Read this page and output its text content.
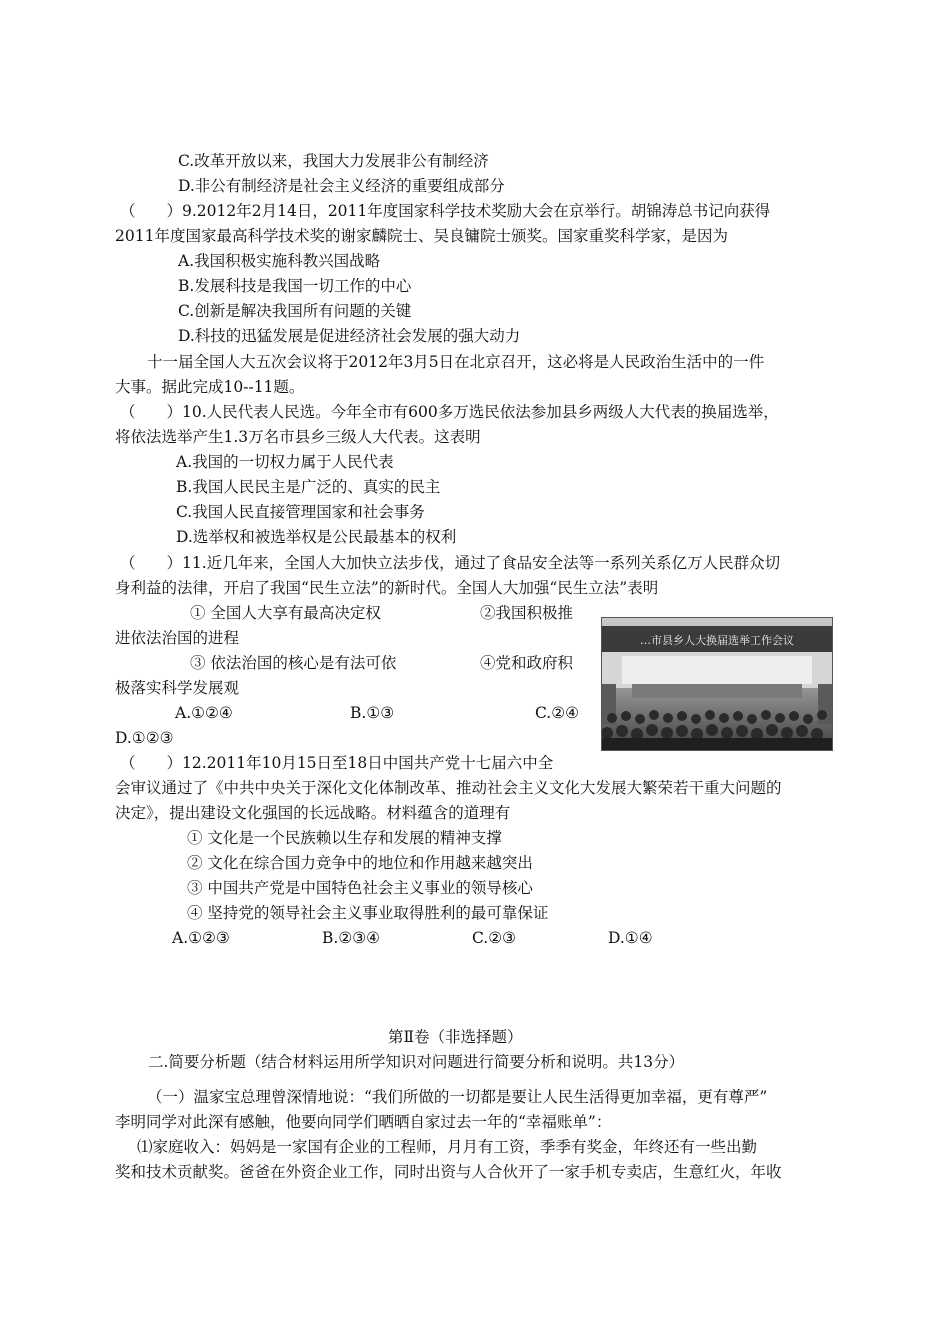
C.改革开放以来，我国大力发展非公有制经济
D.非公有制经济是社会主义经济的重要组成部分
（　　）9.2012年2月14日，2011年度国家科学技术奖励大会在京举行。胡锦涛总书记向获得
2011年度国家最高科学技术奖的谢家麟院士、吴良镛院士颁奖。国家重奖科学家，是因为
A.我国积极实施科教兴国战略
B.发展科技是我国一切工作的中心
C.创新是解决我国所有问题的关键
D.科技的迅猛发展是促进经济社会发展的强大动力
十一届全国人大五次会议将于2012年3月5日在北京召开，这必将是人民政治生活中的一件
大事。据此完成10--11题。
（　　）10.人民代表人民选。今年全市有600多万选民依法参加县乡两级人大代表的换届选举，
将依法选举产生1.3万名市县乡三级人大代表。这表明
A.我国的一切权力属于人民代表
B.我国人民民主是广泛的、真实的民主
C.我国人民直接管理国家和社会事务
D.选举权和被选举权是公民最基本的权利
（　　）11.近几年来，全国人大加快立法步伐，通过了食品安全法等一系列关系亿万人民群众切
身利益的法律，开启了我国“民生立法”的新时代。全国人大加强“民生立法”表明
① 全国人大享有最高决定权	②我国积极推
进依法治国的进程
③ 依法治国的核心是有法可依	④党和政府积
极落实科学发展观
A.①②④	B.①③	C.②④
D.①②③
…市县乡人大换届选举工作会议
（　　）12.2011年10月15日至18日中国共产党十七届六中全
会审议通过了《中共中央关于深化文化体制改革、推动社会主义文化大发展大繁荣若干重大问题的
决定》，提出建设文化强国的长远战略。材料蕴含的道理有
① 文化是一个民族赖以生存和发展的精神支撑
② 文化在综合国力竞争中的地位和作用越来越突出
③ 中国共产党是中国特色社会主义事业的领导核心
④ 坚持党的领导社会主义事业取得胜利的最可靠保证
A.①②③	B.②③④	C.②③	D.①④
第Ⅱ卷（非选择题）
二.简要分析题（结合材料运用所学知识对问题进行简要分析和说明。共13分）
（一）温家宝总理曾深情地说：“我们所做的一切都是要让人民生活得更加幸福，更有尊严”
李明同学对此深有感触，他要向同学们晒晒自家过去一年的“幸福账单”：
⑴家庭收入：妈妈是一家国有企业的工程师，月月有工资，季季有奖金，年终还有一些出勤
奖和技术贡献奖。爸爸在外资企业工作，同时出资与人合伙开了一家手机专卖店，生意红火，年收
